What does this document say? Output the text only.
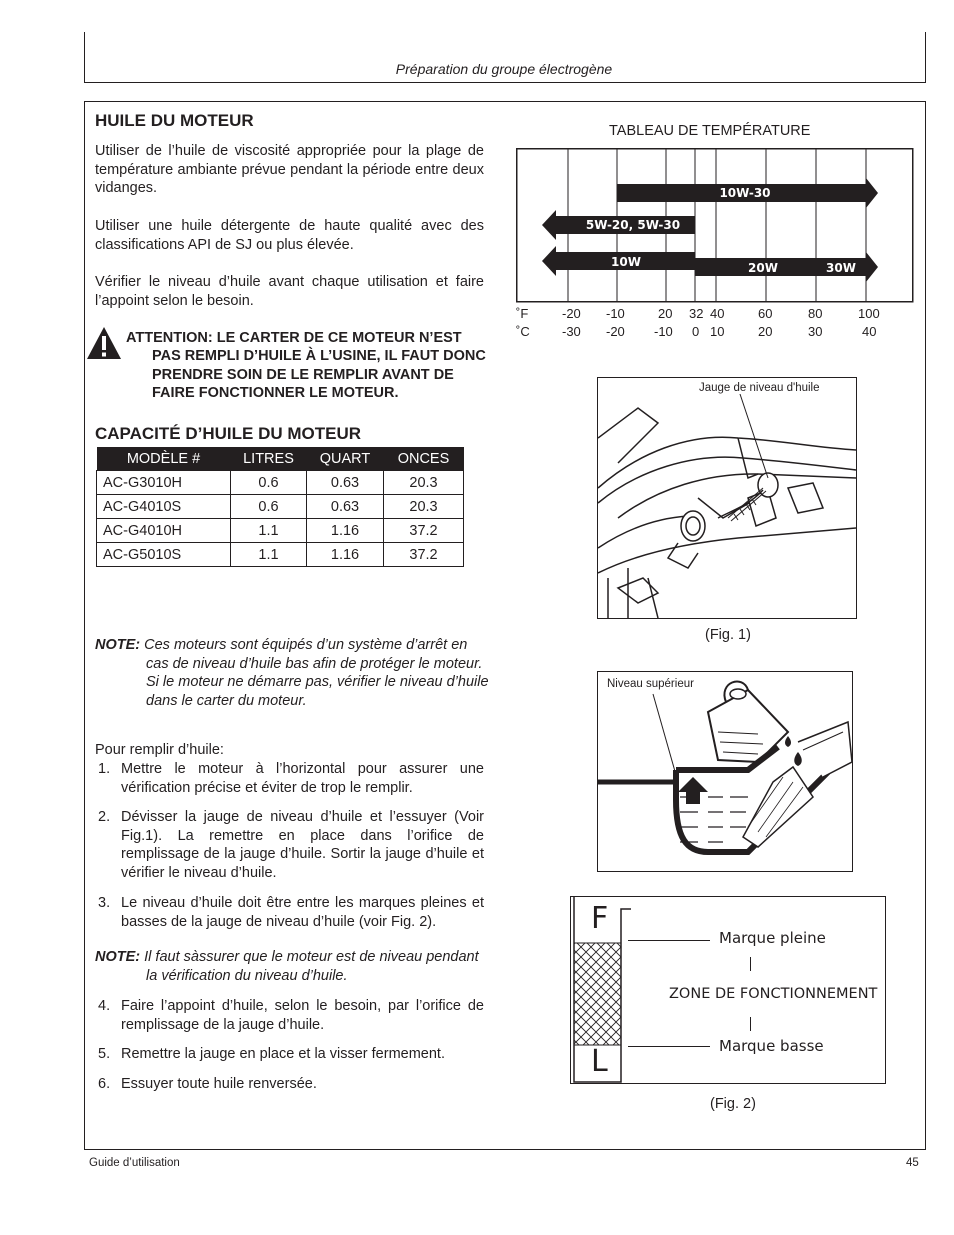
Préparation du groupe électrogène
HUILE DU MOTEUR

Utiliser de l’huile de viscosité appropriée pour la plage de température ambiante prévue pendant la période entre deux vidanges.

Utiliser une huile détergente de haute qualité avec des classifications API de SJ ou plus élevée.

Vérifier le niveau d’huile avant chaque utilisation et faire l’appoint selon le besoin.

ATTENTION: LE CARTER DE CE MOTEUR N’EST
PAS REMPLI D’HUILE À L’USINE, IL FAUT DONC
PRENDRE SOIN DE LE REMPLIR AVANT DE
FAIRE FONCTIONNER LE MOTEUR.
CAPACITÉ D’HUILE DU MOTEUR
MODÈLE #	LITRES	QUART	ONCES
AC-G3010H	0.6	0.63	20.3
AC-G4010S	0.6	0.63	20.3
AC-G4010H	1.1	1.16	37.2
AC-G5010S	1.1	1.16	37.2
NOTE: Ces moteurs sont équipés d’un système d’arrêt en
cas de niveau d’huile bas afin de protéger le moteur.
Si le moteur ne démarre pas, vérifier le niveau d’huile
dans le carter du moteur.
Pour remplir d’huile:
1. Mettre le moteur à l’horizontal pour assurer une vérification précise et éviter de trop le remplir.
2. Dévisser la jauge de niveau d’huile et l’essuyer (Voir Fig.1). La remettre en place dans l’orifice de remplissage de la jauge d’huile. Sortir la jauge d’huile et vérifier le niveau d’huile.
3. Le niveau d’huile doit être entre les marques pleines et basses de la jauge de niveau d’huile (voir Fig. 2).
NOTE: Il faut sàssurer que le moteur est de niveau pendant
la vérification du niveau d’huile.
4. Faire l’appoint d’huile, selon le besoin, par l’orifice de remplissage de la jauge d’huile.
5. Remettre la jauge en place et la visser fermement.
6. Essuyer toute huile renversée.
TABLEAU DE TEMPÉRATURE
10W-30
5W-20, 5W-30
10W	20W	30W
˚F
˚C
-20 -10	20 32 40	60	80	100
-30 -20 -10 0 10	20	30	40
Jauge de niveau d'huile
(Fig. 1)
Niveau supérieur
F
L
Marque pleine
ZONE DE FONCTIONNEMENT
Marque basse
(Fig. 2)
Guide d’utilisation	45
